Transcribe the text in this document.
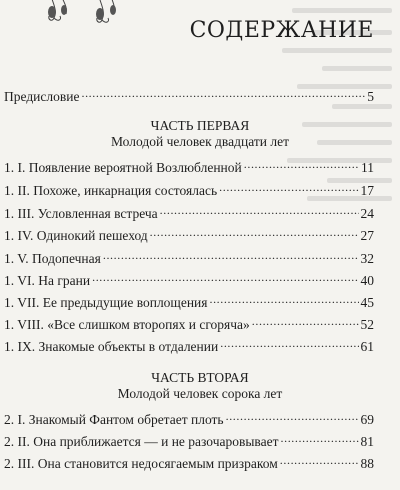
СОДЕРЖАНИЕ
Предисловие . . .	5
ЧАСТЬ ПЕРВАЯ
Молодой человек двадцати лет
1. I. Появление вероятной Возлюбленной . . .	11
1. II. Похоже, инкарнация состоялась . . .	17
1. III. Условленная встреча . . .	24
1. IV. Одинокий пешеход . . .	27
1. V. Подопечная . . .	32
1. VI. На грани . . .	40
1. VII. Ее предыдущие воплощения . . .	45
1. VIII. «Все слишком второпях и сгоряча» . . .	52
1. IX. Знакомые объекты в отдалении . . .	61
ЧАСТЬ ВТОРАЯ
Молодой человек сорока лет
2. I. Знакомый Фантом обретает плоть . . .	69
2. II. Она приближается — и не разочаровывает . . .	81
2. III. Она становится недосягаемым призраком . . .	88
